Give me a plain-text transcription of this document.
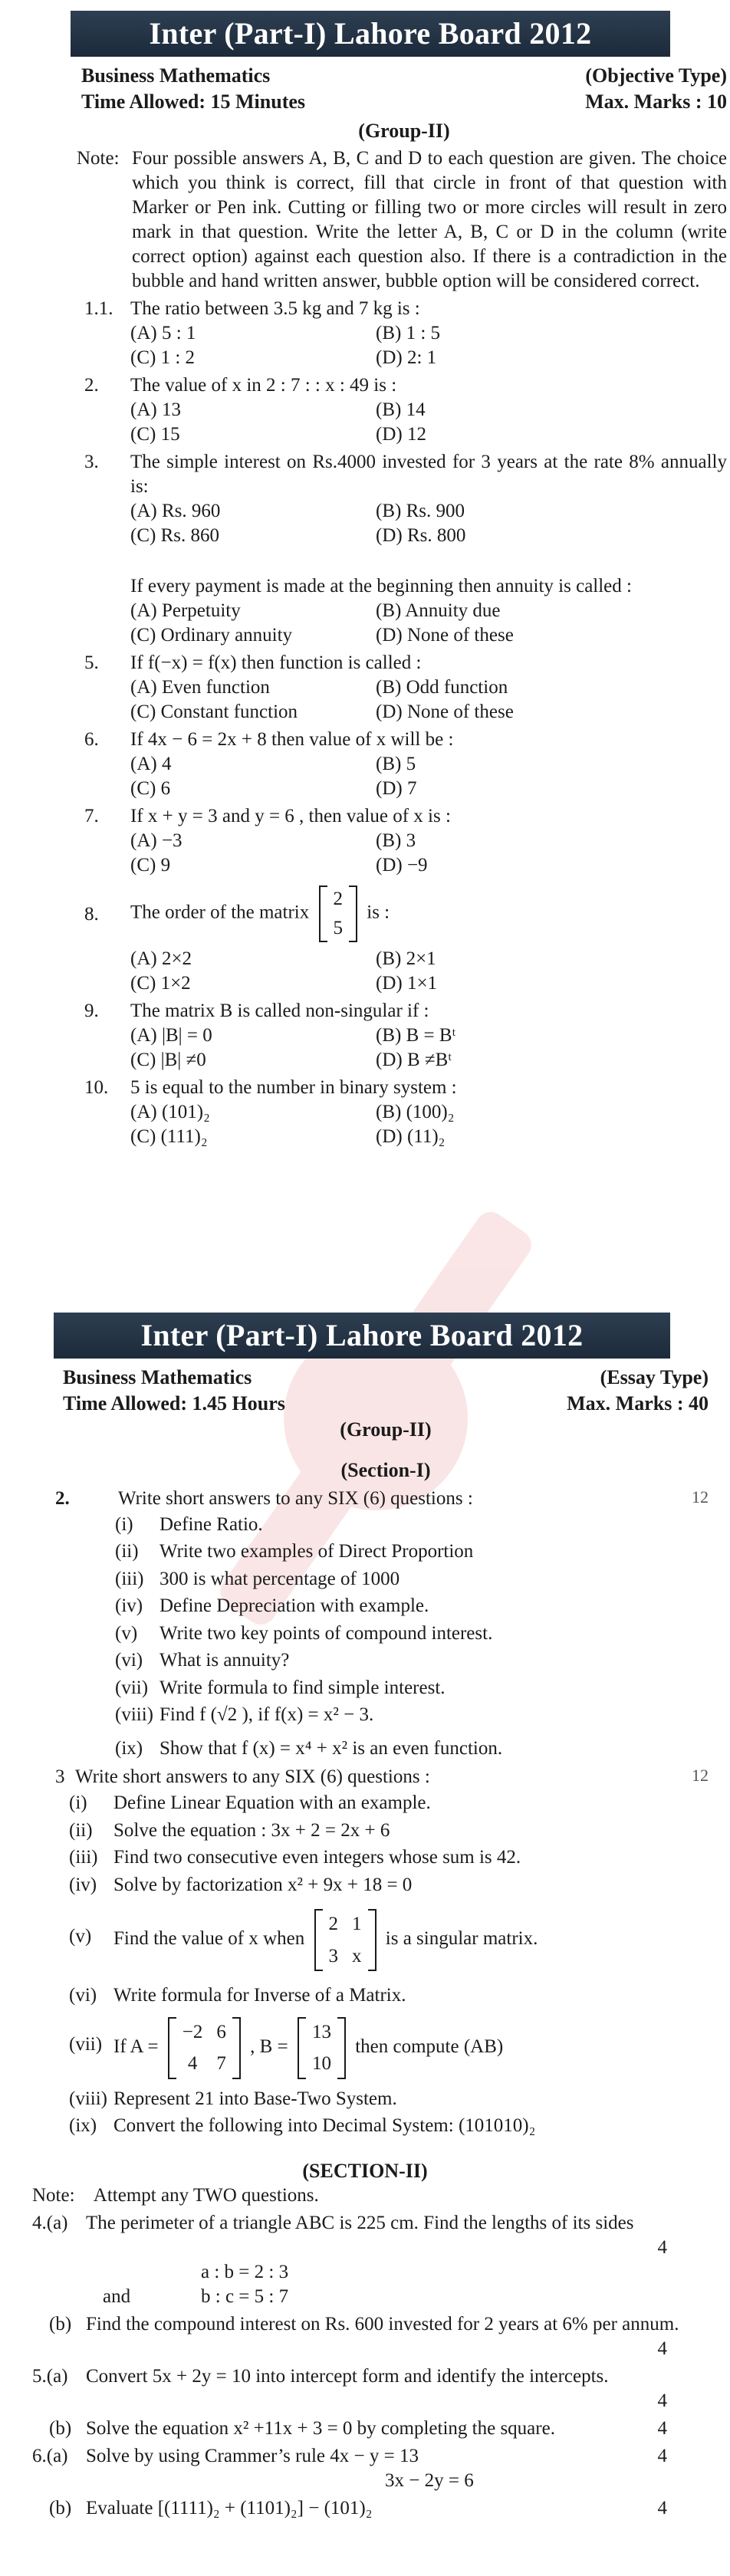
Inter (Part-I) Lahore Board 2012
Business Mathematics	(Objective Type)
Time Allowed: 15 Minutes	Max. Marks : 10
(Group-II)
Note: Four possible answers A, B, C and D to each question are given. The choice which you think is correct, fill that circle in front of that question with Marker or Pen ink. Cutting or filling two or more circles will result in zero mark in that question. Write the letter A, B, C or D in the column (write correct option) against each question also. If there is a contradiction in the bubble and hand written answer, bubble option will be considered correct.
1.1. The ratio between 3.5 kg and 7 kg is :
(A) 5 : 1	(B) 1 : 5
(C) 1 : 2	(D) 2: 1
2.	The value of x in 2 : 7 : : x : 49 is :
(A) 13	(B) 14
(C) 15	(D) 12
3.	The simple interest on Rs.4000 invested for 3 years at the rate 8% annually is:
(A) Rs. 960	(B) Rs. 900
(C) Rs. 860	(D) Rs. 800
If every payment is made at the beginning then annuity is called :
(A) Perpetuity	(B) Annuity due
(C) Ordinary annuity	(D) None of these
5.	If f(−x) = f(x) then function is called :
(A) Even function	(B) Odd function
(C) Constant function	(D) None of these
6.	If 4x − 6 = 2x + 8 then value of x will be :
(A) 4	(B) 5
(C) 6	(D) 7
7.	If x + y = 3 and y = 6 , then value of x is :
(A) −3	(B) 3
(C) 9	(D) −9
8.	The order of the matrix
2
5
is :
(A) 2×2	(B) 2×1
(C) 1×2	(D) 1×1
9.	The matrix B is called non-singular if :
(A) |B| = 0	(B) B = Bᵗ
(C) |B| ≠0	(D) B ≠Bᵗ
10.	5 is equal to the number in binary system :
(A) (101)₂	(B) (100)₂
(C) (111)₂	(D) (11)₂
Inter (Part-I) Lahore Board 2012
Business Mathematics	(Essay Type)
Time Allowed: 1.45 Hours	Max. Marks : 40
(Group-II)
(Section-I)
2.	Write short answers to any SIX (6) questions :	12
(i) Define Ratio.
(ii) Write two examples of Direct Proportion
(iii) 300 is what percentage of 1000
(iv) Define Depreciation with example.
(v) Write two key points of compound interest.
(vi) What is annuity?
(vii) Write formula to find simple interest.
(viii) Find f (√2 ), if f(x) = x² − 3.
(ix) Show that f (x) = x⁴ + x² is an even function.
3 Write short answers to any SIX (6) questions :	12
(i) Define Linear Equation with an example.
(ii) Solve the equation : 3x + 2 = 2x + 6
(iii) Find two consecutive even integers whose sum is 42.
(iv) Solve by factorization x² + 9x + 18 = 0
(v) Find the value of x when
2 1
3 x
is a singular matrix.
(vi) Write formula for Inverse of a Matrix.
(vii) If A =
−2 6
4 7
, B =
13
10
then compute (AB)
(viii) Represent 21 into Base-Two System.
(ix) Convert the following into Decimal System: (101010)₂
(SECTION-II)
Note: Attempt any TWO questions.
4.(a) The perimeter of a triangle ABC is 225 cm. Find the lengths of its sides
4
a : b = 2 : 3
and	b : c = 5 : 7
(b) Find the compound interest on Rs. 600 invested for 2 years at 6% per annum.
4
5.(a) Convert 5x + 2y = 10 into intercept form and identify the intercepts.
4
(b) Solve the equation x² +11x + 3 = 0 by completing the square.	4
6.(a) Solve by using Crammer’s rule 4x − y = 13	4
3x − 2y = 6
(b) Evaluate [(1111)₂ + (1101)₂] − (101)₂	4
